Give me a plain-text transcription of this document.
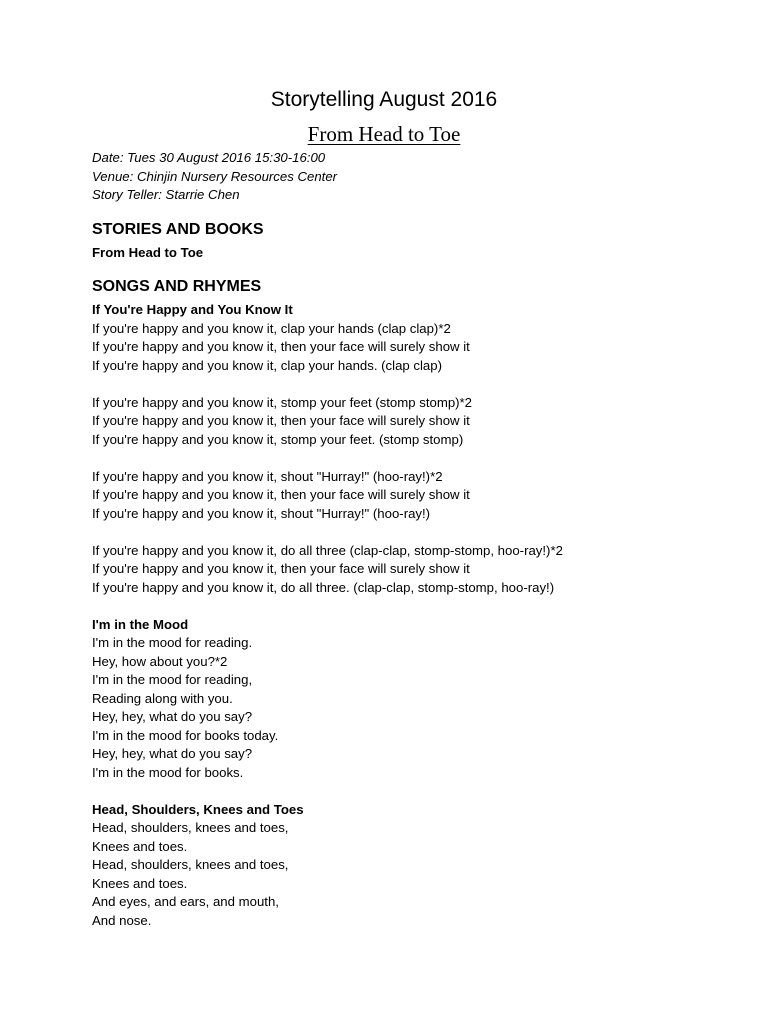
Storytelling August 2016
From Head to Toe
Date: Tues 30 August 2016 15:30-16:00
Venue: Chinjin Nursery Resources Center
Story Teller: Starrie Chen
STORIES AND BOOKS
From Head to Toe
SONGS AND RHYMES
If You're Happy and You Know It
If you're happy and you know it, clap your hands (clap clap)*2
If you're happy and you know it, then your face will surely show it
If you're happy and you know it, clap your hands. (clap clap)
If you're happy and you know it, stomp your feet (stomp stomp)*2
If you're happy and you know it, then your face will surely show it
If you're happy and you know it, stomp your feet. (stomp stomp)
If you're happy and you know it, shout "Hurray!" (hoo-ray!)*2
If you're happy and you know it, then your face will surely show it
If you're happy and you know it, shout "Hurray!" (hoo-ray!)
If you're happy and you know it, do all three (clap-clap, stomp-stomp, hoo-ray!)*2
If you're happy and you know it, then your face will surely show it
If you're happy and you know it, do all three. (clap-clap, stomp-stomp, hoo-ray!)
I'm in the Mood
I'm in the mood for reading.
Hey, how about you?*2
I'm in the mood for reading,
Reading along with you.
Hey, hey, what do you say?
I'm in the mood for books today.
Hey, hey, what do you say?
I'm in the mood for books.
Head, Shoulders, Knees and Toes
Head, shoulders, knees and toes,
Knees and toes.
Head, shoulders, knees and toes,
Knees and toes.
And eyes, and ears, and mouth,
And nose.
